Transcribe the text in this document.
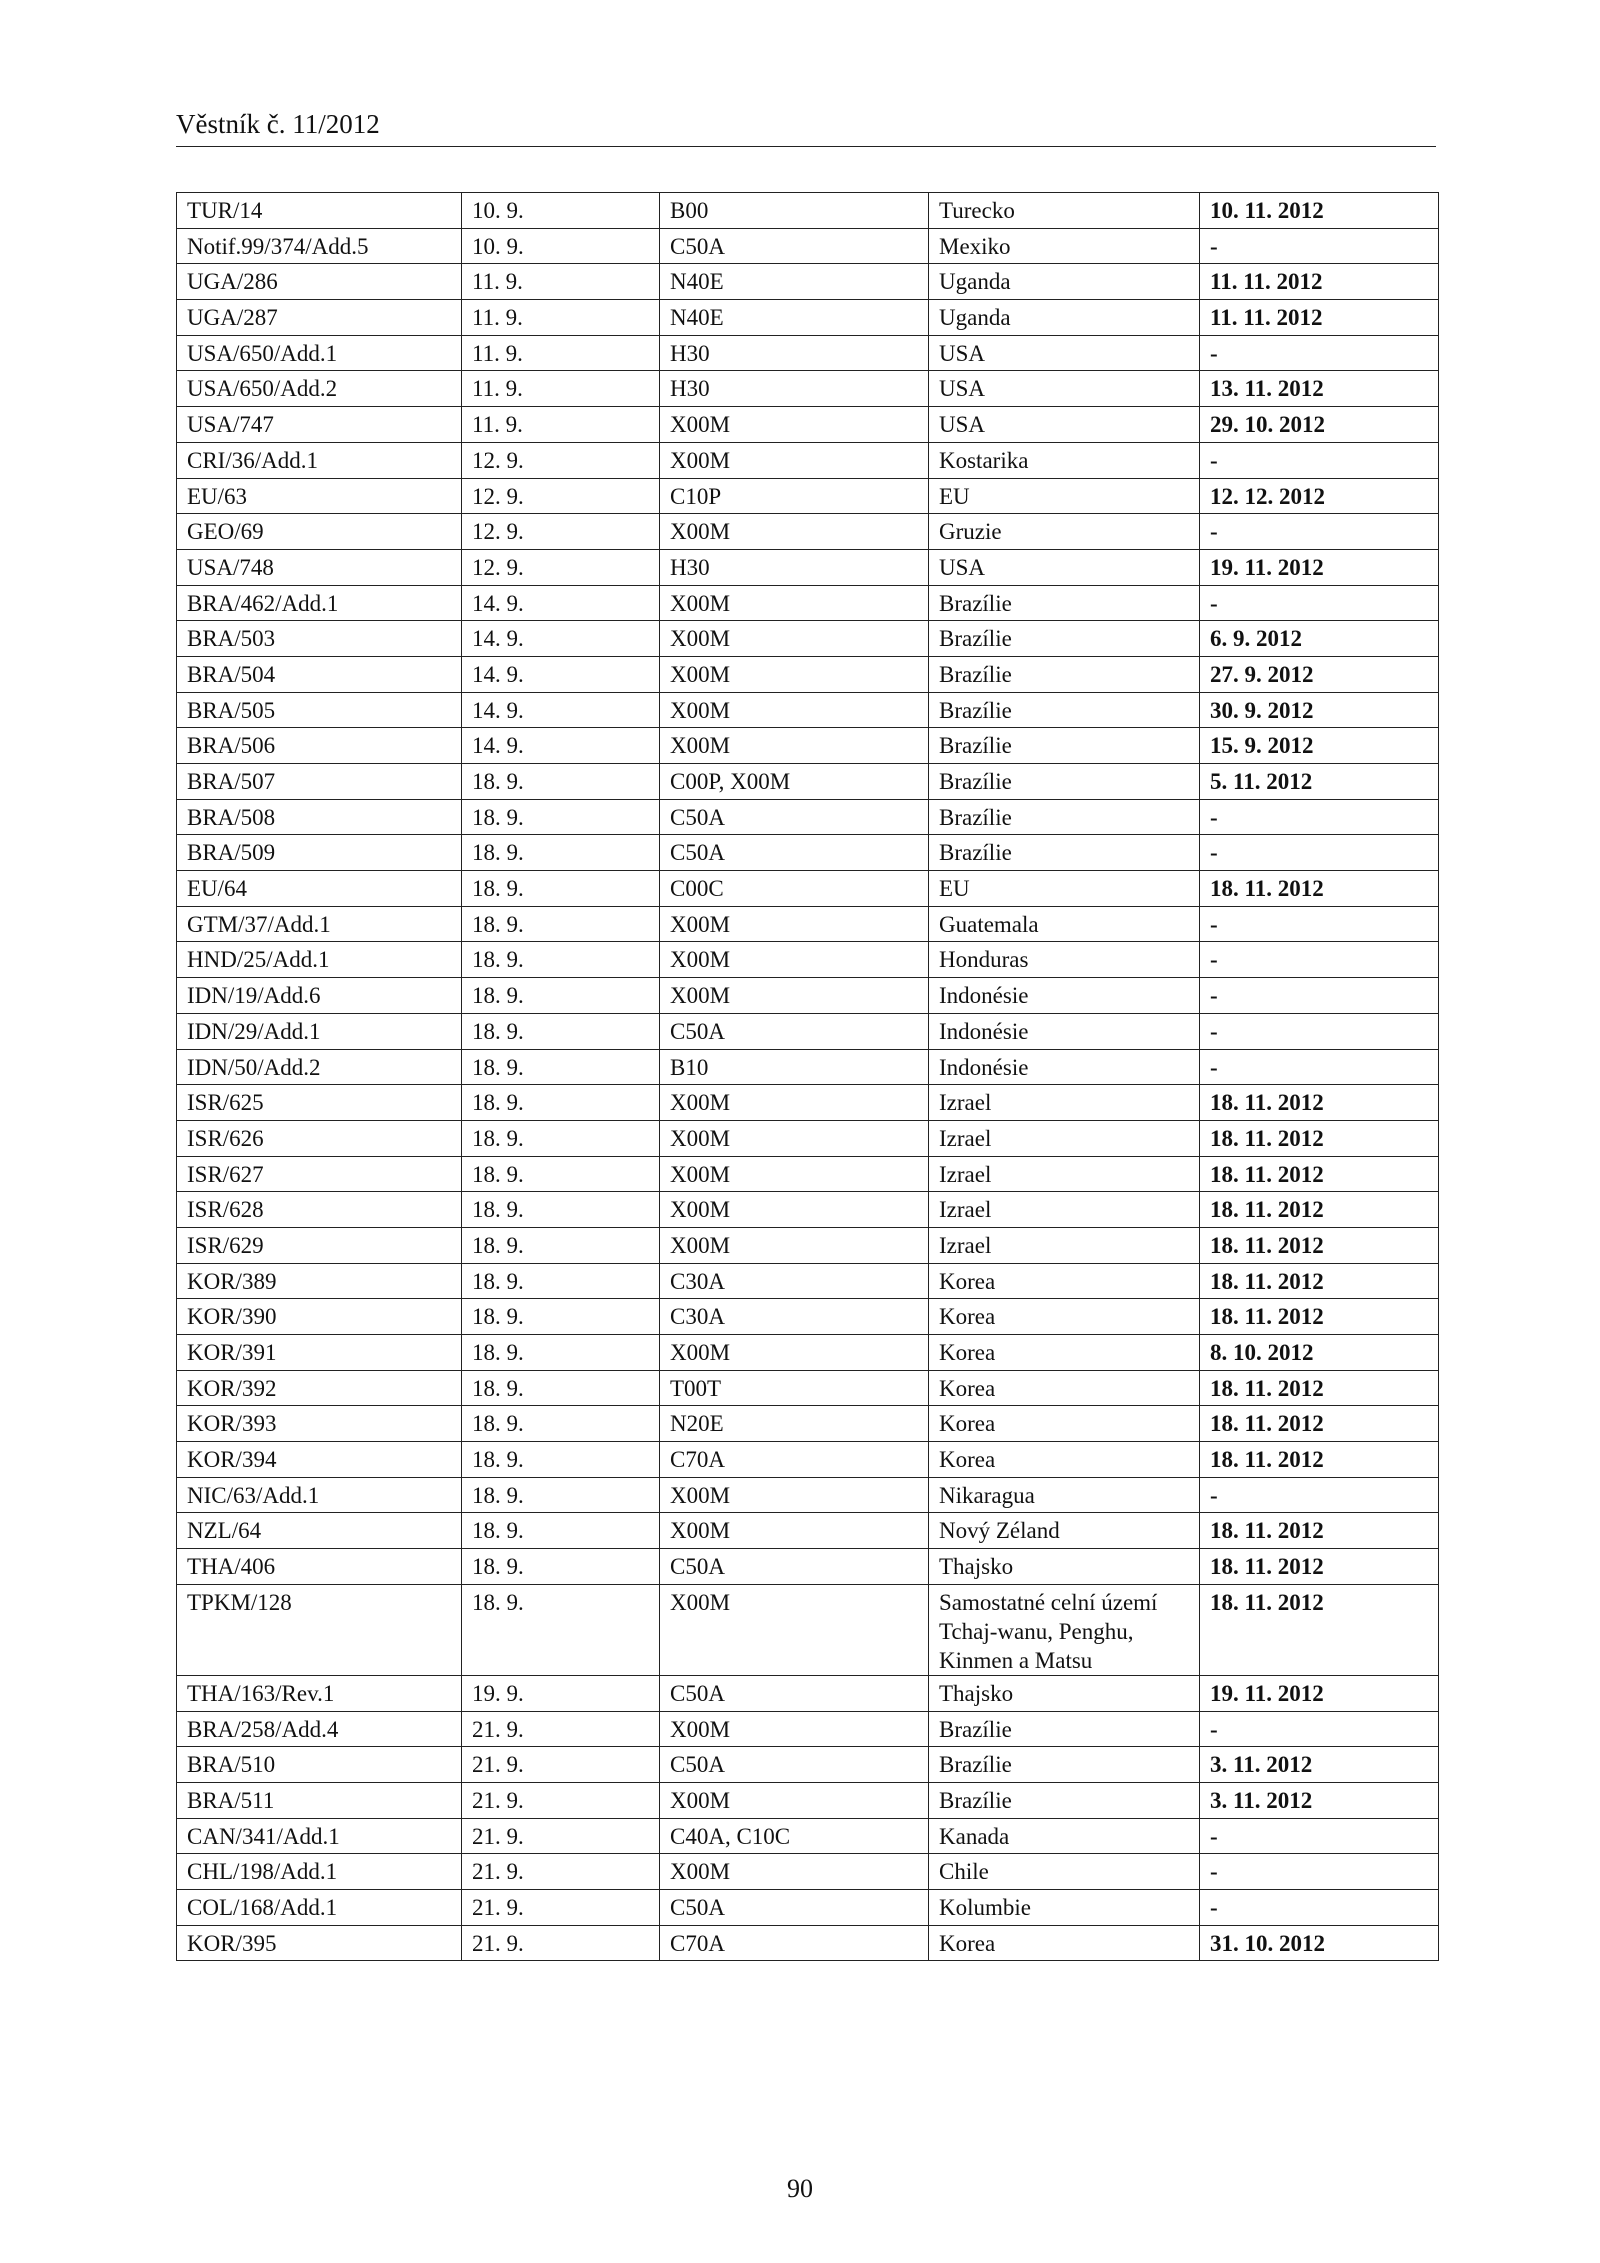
Věstník č. 11/2012
TUR/14	10. 9.	B00	Turecko	10. 11. 2012
Notif.99/374/Add.5	10. 9.	C50A	Mexiko	-
UGA/286	11. 9.	N40E	Uganda	11. 11. 2012
UGA/287	11. 9.	N40E	Uganda	11. 11. 2012
USA/650/Add.1	11. 9.	H30	USA	-
USA/650/Add.2	11. 9.	H30	USA	13. 11. 2012
USA/747	11. 9.	X00M	USA	29. 10. 2012
CRI/36/Add.1	12. 9.	X00M	Kostarika	-
EU/63	12. 9.	C10P	EU	12. 12. 2012
GEO/69	12. 9.	X00M	Gruzie	-
USA/748	12. 9.	H30	USA	19. 11. 2012
BRA/462/Add.1	14. 9.	X00M	Brazílie	-
BRA/503	14. 9.	X00M	Brazílie	6. 9. 2012
BRA/504	14. 9.	X00M	Brazílie	27. 9. 2012
BRA/505	14. 9.	X00M	Brazílie	30. 9. 2012
BRA/506	14. 9.	X00M	Brazílie	15. 9. 2012
BRA/507	18. 9.	C00P, X00M	Brazílie	5. 11. 2012
BRA/508	18. 9.	C50A	Brazílie	-
BRA/509	18. 9.	C50A	Brazílie	-
EU/64	18. 9.	C00C	EU	18. 11. 2012
GTM/37/Add.1	18. 9.	X00M	Guatemala	-
HND/25/Add.1	18. 9.	X00M	Honduras	-
IDN/19/Add.6	18. 9.	X00M	Indonésie	-
IDN/29/Add.1	18. 9.	C50A	Indonésie	-
IDN/50/Add.2	18. 9.	B10	Indonésie	-
ISR/625	18. 9.	X00M	Izrael	18. 11. 2012
ISR/626	18. 9.	X00M	Izrael	18. 11. 2012
ISR/627	18. 9.	X00M	Izrael	18. 11. 2012
ISR/628	18. 9.	X00M	Izrael	18. 11. 2012
ISR/629	18. 9.	X00M	Izrael	18. 11. 2012
KOR/389	18. 9.	C30A	Korea	18. 11. 2012
KOR/390	18. 9.	C30A	Korea	18. 11. 2012
KOR/391	18. 9.	X00M	Korea	8. 10. 2012
KOR/392	18. 9.	T00T	Korea	18. 11. 2012
KOR/393	18. 9.	N20E	Korea	18. 11. 2012
KOR/394	18. 9.	C70A	Korea	18. 11. 2012
NIC/63/Add.1	18. 9.	X00M	Nikaragua	-
NZL/64	18. 9.	X00M	Nový Zéland	18. 11. 2012
THA/406	18. 9.	C50A	Thajsko	18. 11. 2012
TPKM/128	18. 9.	X00M	Samostatné celní území Tchaj-wanu, Penghu, Kinmen a Matsu	18. 11. 2012
THA/163/Rev.1	19. 9.	C50A	Thajsko	19. 11. 2012
BRA/258/Add.4	21. 9.	X00M	Brazílie	-
BRA/510	21. 9.	C50A	Brazílie	3. 11. 2012
BRA/511	21. 9.	X00M	Brazílie	3. 11. 2012
CAN/341/Add.1	21. 9.	C40A, C10C	Kanada	-
CHL/198/Add.1	21. 9.	X00M	Chile	-
COL/168/Add.1	21. 9.	C50A	Kolumbie	-
KOR/395	21. 9.	C70A	Korea	31. 10. 2012
90
